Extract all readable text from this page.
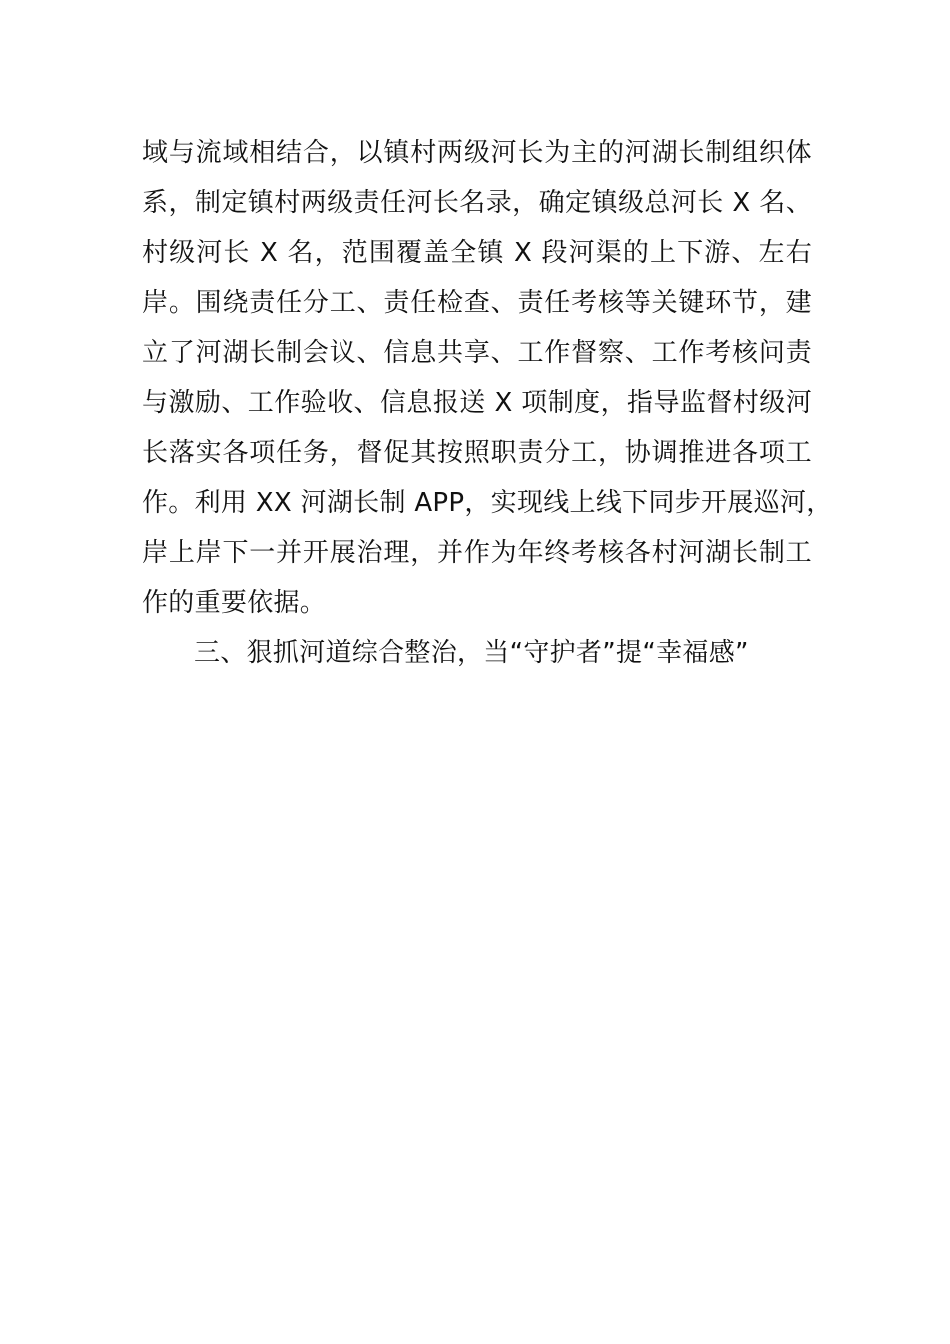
域与流域相结合，以镇村两级河长为主的河湖长制组织体
系，制定镇村两级责任河长名录，确定镇级总河长 X 名、
村级河长 X 名，范围覆盖全镇 X 段河渠的上下游、左右
岸。围绕责任分工、责任检查、责任考核等关键环节，建
立了河湖长制会议、信息共享、工作督察、工作考核问责
与激励、工作验收、信息报送 X 项制度，指导监督村级河
长落实各项任务，督促其按照职责分工，协调推进各项工
作。利用 XX 河湖长制 APP，实现线上线下同步开展巡河，
岸上岸下一并开展治理，并作为年终考核各村河湖长制工
作的重要依据。
三、狠抓河道综合整治，当“守护者”提“幸福感”
